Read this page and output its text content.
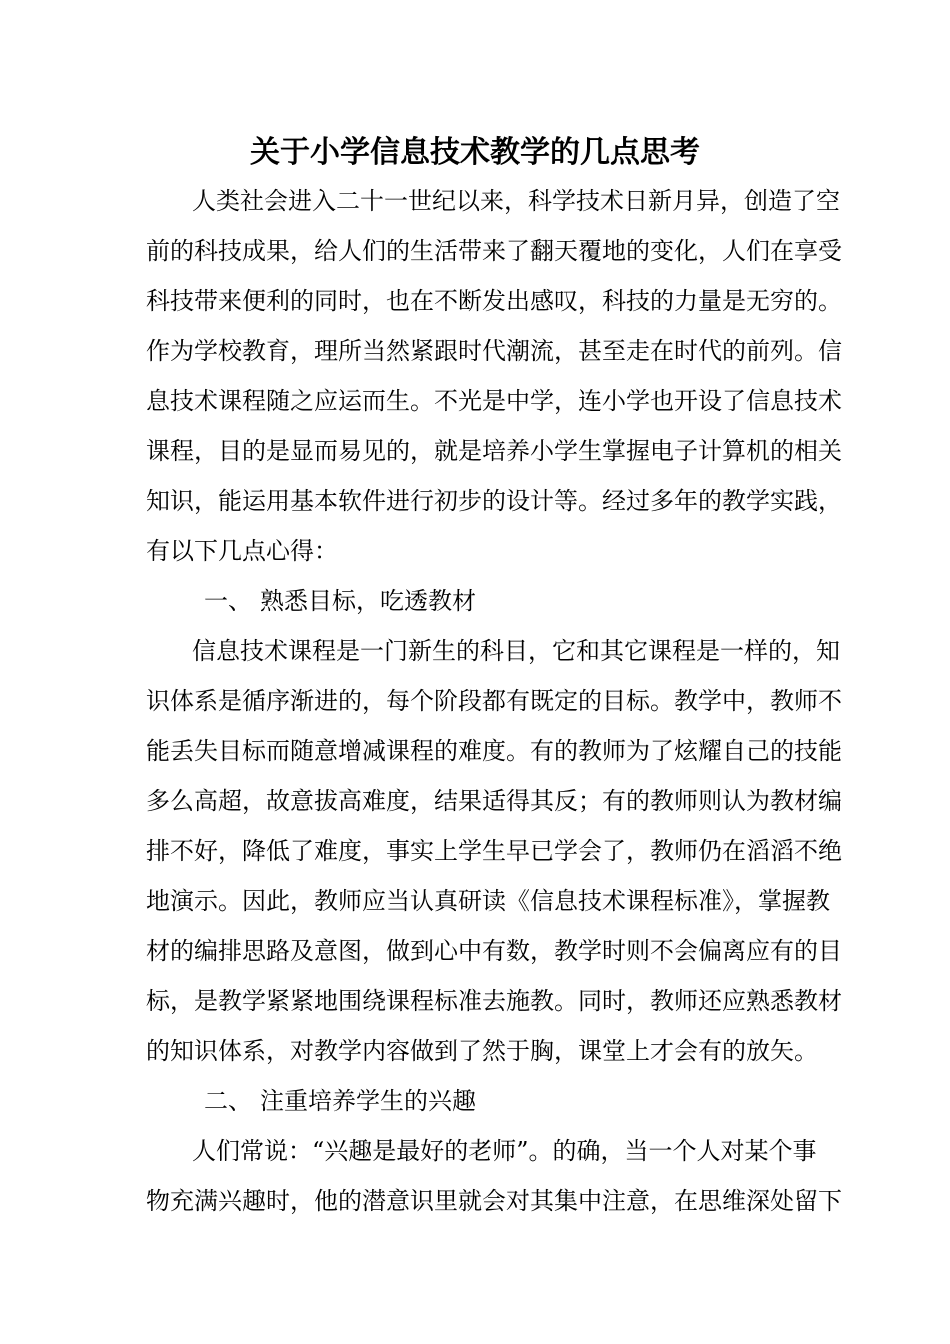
关于小学信息技术教学的几点思考
人类社会进入二十一世纪以来，科学技术日新月异，创造了空
前的科技成果，给人们的生活带来了翻天覆地的变化，人们在享受
科技带来便利的同时，也在不断发出感叹，科技的力量是无穷的。
作为学校教育，理所当然紧跟时代潮流，甚至走在时代的前列。信
息技术课程随之应运而生。不光是中学，连小学也开设了信息技术
课程，目的是显而易见的，就是培养小学生掌握电子计算机的相关
知识，能运用基本软件进行初步的设计等。经过多年的教学实践，
有以下几点心得：
一、 熟悉目标，吃透教材
信息技术课程是一门新生的科目，它和其它课程是一样的，知
识体系是循序渐进的，每个阶段都有既定的目标。教学中，教师不
能丢失目标而随意增减课程的难度。有的教师为了炫耀自己的技能
多么高超，故意拔高难度，结果适得其反；有的教师则认为教材编
排不好，降低了难度，事实上学生早已学会了，教师仍在滔滔不绝
地演示。因此，教师应当认真研读《信息技术课程标准》，掌握教
材的编排思路及意图，做到心中有数，教学时则不会偏离应有的目
标，是教学紧紧地围绕课程标准去施教。同时，教师还应熟悉教材
的知识体系，对教学内容做到了然于胸，课堂上才会有的放矢。
二、 注重培养学生的兴趣
人们常说：“兴趣是最好的老师”。的确，当一个人对某个事
物充满兴趣时，他的潜意识里就会对其集中注意，在思维深处留下
